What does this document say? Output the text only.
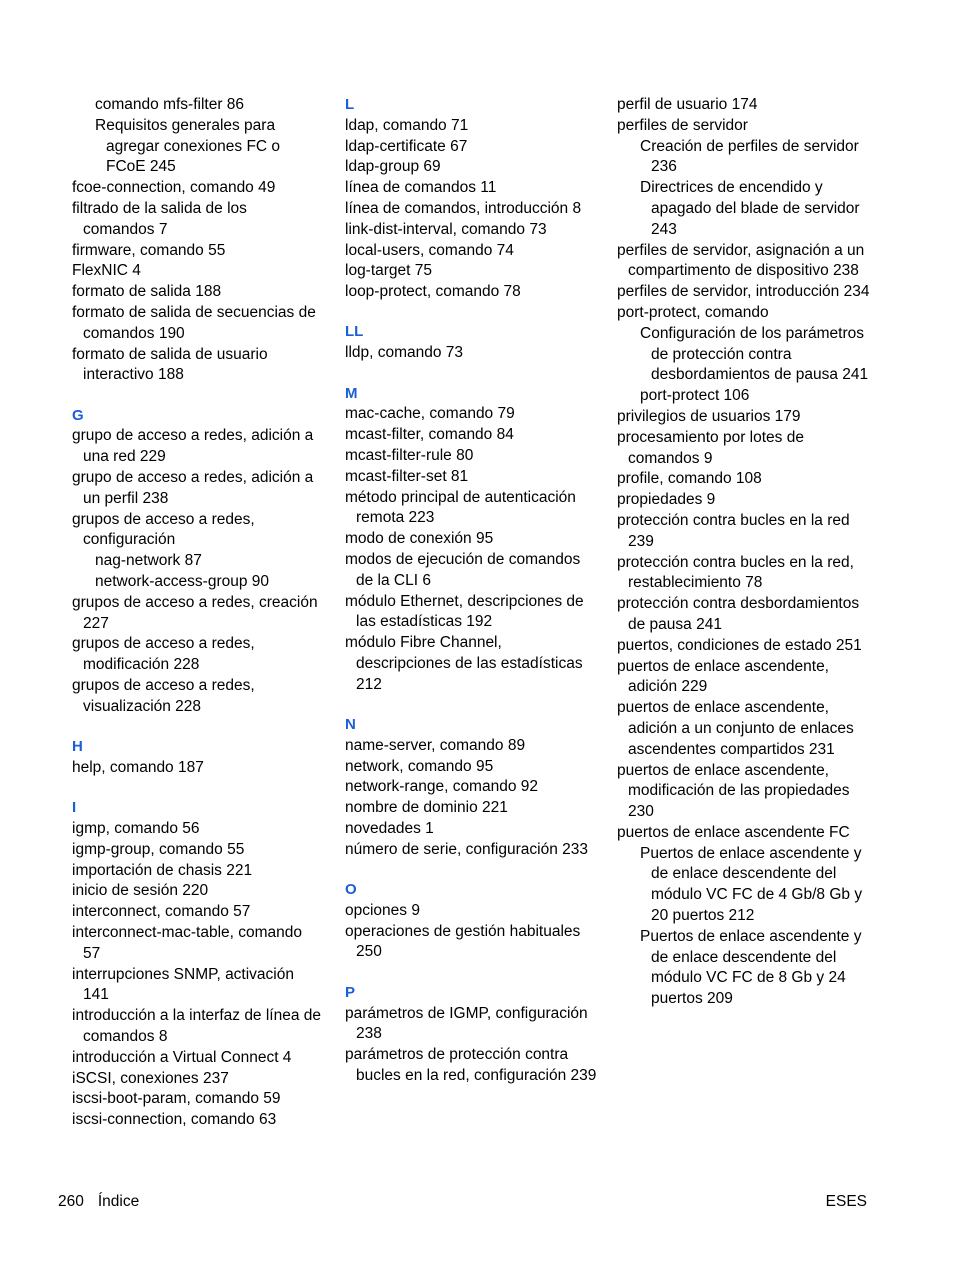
comando mfs-filter 86
Requisitos generales para agregar conexiones FC o FCoE 245
fcoe-connection, comando 49
filtrado de la salida de los comandos 7
firmware, comando 55
FlexNIC 4
formato de salida 188
formato de salida de secuencias de comandos 190
formato de salida de usuario interactivo 188
G
grupo de acceso a redes, adición a una red 229
grupo de acceso a redes, adición a un perfil 238
grupos de acceso a redes, configuración
nag-network 87
network-access-group 90
grupos de acceso a redes, creación 227
grupos de acceso a redes, modificación 228
grupos de acceso a redes, visualización 228
H
help, comando 187
I
igmp, comando 56
igmp-group, comando 55
importación de chasis 221
inicio de sesión 220
interconnect, comando 57
interconnect-mac-table, comando 57
interrupciones SNMP, activación 141
introducción a la interfaz de línea de comandos 8
introducción a Virtual Connect 4
iSCSI, conexiones 237
iscsi-boot-param, comando 59
iscsi-connection, comando 63
L
ldap, comando 71
ldap-certificate 67
ldap-group 69
línea de comandos 11
línea de comandos, introducción 8
link-dist-interval, comando 73
local-users, comando 74
log-target 75
loop-protect, comando 78
LL
lldp, comando 73
M
mac-cache, comando 79
mcast-filter, comando 84
mcast-filter-rule 80
mcast-filter-set 81
método principal de autenticación remota 223
modo de conexión 95
modos de ejecución de comandos de la CLI 6
módulo Ethernet, descripciones de las estadísticas 192
módulo Fibre Channel, descripciones de las estadísticas 212
N
name-server, comando 89
network, comando 95
network-range, comando 92
nombre de dominio 221
novedades 1
número de serie, configuración 233
O
opciones 9
operaciones de gestión habituales 250
P
parámetros de IGMP, configuración 238
parámetros de protección contra bucles en la red, configuración 239
perfil de usuario 174
perfiles de servidor
Creación de perfiles de servidor 236
Directrices de encendido y apagado del blade de servidor 243
perfiles de servidor, asignación a un compartimento de dispositivo 238
perfiles de servidor, introducción 234
port-protect, comando
Configuración de los parámetros de protección contra desbordamientos de pausa 241
port-protect 106
privilegios de usuarios 179
procesamiento por lotes de comandos 9
profile, comando 108
propiedades 9
protección contra bucles en la red 239
protección contra bucles en la red, restablecimiento 78
protección contra desbordamientos de pausa 241
puertos, condiciones de estado 251
puertos de enlace ascendente, adición 229
puertos de enlace ascendente, adición a un conjunto de enlaces ascendentes compartidos 231
puertos de enlace ascendente, modificación de las propiedades 230
puertos de enlace ascendente FC
Puertos de enlace ascendente y de enlace descendente del módulo VC FC de 4 Gb/8 Gb y 20 puertos 212
Puertos de enlace ascendente y de enlace descendente del módulo VC FC de 8 Gb y 24 puertos 209
260 Índice	ESES
